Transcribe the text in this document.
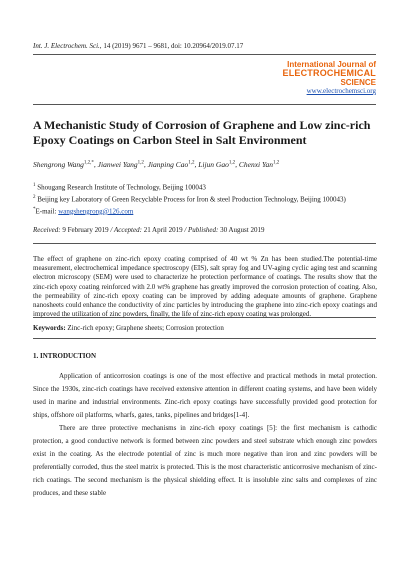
Int. J. Electrochem. Sci., 14 (2019) 9671 – 9681, doi: 10.20964/2019.07.17
International Journal of
ELECTROCHEMICAL
SCIENCE
www.electrochemsci.org
A Mechanistic Study of Corrosion of Graphene and Low zinc-rich Epoxy Coatings on Carbon Steel in Salt Environment
Shengrong Wang$^{1,2,*}$, Jianwei Yang$^{1,2}$, Jianping Cao$^{1,2}$, Lijun Gao$^{1,2}$, Chenxi Yan$^{1,2}$
$^1$ Shougang Research Institute of Technology, Beijing 100043
$^2$ Beijing key Laboratory of Green Recyclable Process for Iron & steel Production Technology, Beijing 100043)
*E-mail: wangshengrong@126.com
Received: 9 February 2019 / Accepted: 21 April 2019 / Published: 30 August 2019
The effect of graphene on zinc-rich epoxy coating comprised of 40 wt % Zn has been studied.The potential-time measurement, electrochemical impedance spectroscopy (EIS), salt spray fog and UV-aging cyclic aging test and scanning electron microscopy (SEM) were used to characterize he protection performance of coatings. The results show that the zinc-rich epoxy coating reinforced with 2.0 wt% graphene has greatly improved the corrosion protection of coating. Also, the permeability of zinc-rich epoxy coating can be improved by adding adequate amounts of graphene. Graphene nanosheets could enhance the conductivity of zinc particles by introducing the graphene into zinc-rich epoxy coatings and improved the utilization of zinc powders, finally, the life of zinc-rich epoxy coating was prolonged.
Keywords: Zinc-rich epoxy; Graphene sheets; Corrosion protection
1. INTRODUCTION

Application of anticorrosion coatings is one of the most effective and practical methods in metal protection. Since the 1930s, zinc-rich coatings have received extensive attention in different coating systems, and have been widely used in marine and industrial environments. Zinc-rich epoxy coatings have successfully provided good protection for ships, offshore oil platforms, wharfs, gates, tanks, pipelines and bridges[1-4].

There are three protective mechanisms in zinc-rich epoxy coatings [5]: the first mechanism is cathodic protection, a good conductive network is formed between zinc powders and steel substrate which enough zinc powders exist in the coating. As the electrode potential of zinc is much more negative than iron and zinc powders will be preferentially corroded, thus the steel matrix is protected. This is the most characteristic anticorrosive mechanism of zinc-rich coatings. The second mechanism is the physical shielding effect. It is insoluble zinc salts and complexes of zinc produces, and these stable
